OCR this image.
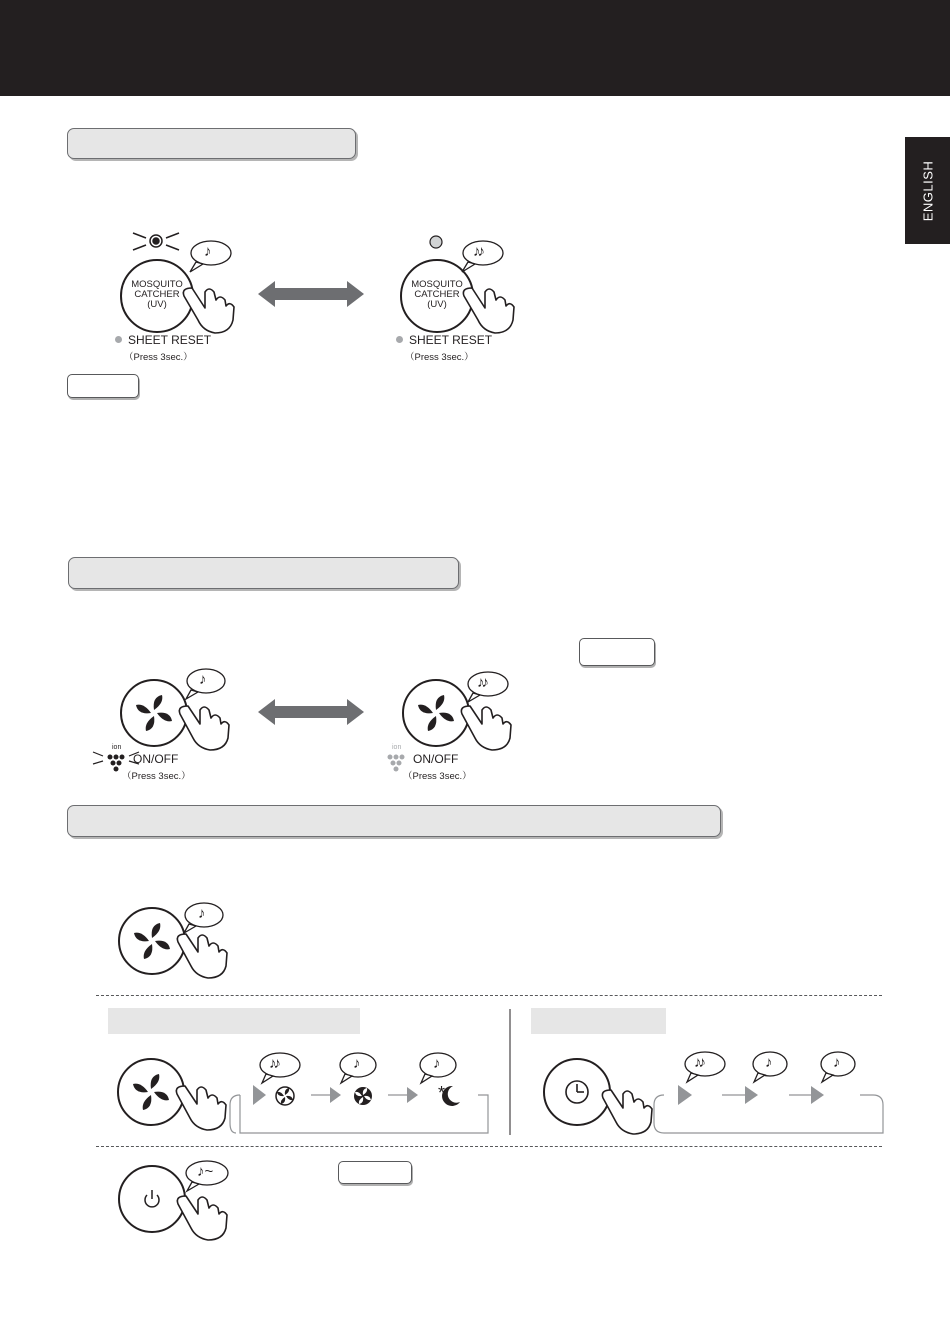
ENGLISH
♪	♪♪
MOSQUITO
CATCHER
(UV)
MOSQUITO
CATCHER
(UV)
SHEET RESET
（Press 3sec.）
SHEET RESET
（Press 3sec.）
♪	♪♪
ion	ion
ON/OFF
（Press 3sec.）
ON/OFF
（Press 3sec.）
♪
♪♪	♪	♪
*
♪♪	♪	♪
♪~
